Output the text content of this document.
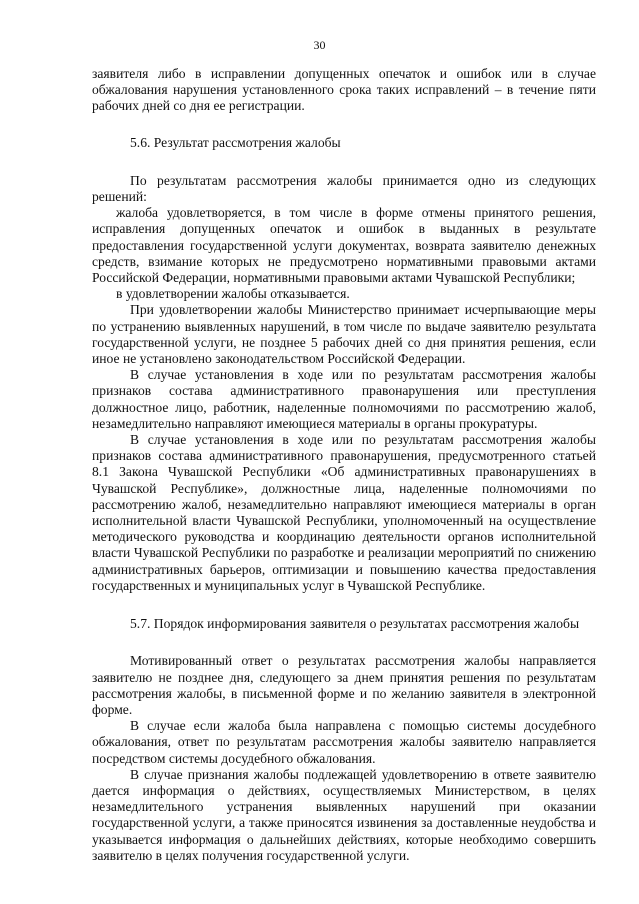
30

заявителя либо в исправлении допущенных опечаток и ошибок или в случае обжалования нарушения установленного срока таких исправлений – в течение пяти рабочих дней со дня ее регистрации.

5.6. Результат рассмотрения жалобы

По результатам рассмотрения жалобы принимается одно из следующих решений:

жалоба удовлетворяется, в том числе в форме отмены принятого решения, исправления допущенных опечаток и ошибок в выданных в результате предоставления государственной услуги документах, возврата заявителю денежных средств, взимание которых не предусмотрено нормативными правовыми актами Российской Федерации, нормативными правовыми актами Чувашской Республики;

в удовлетворении жалобы отказывается.

При удовлетворении жалобы Министерство принимает исчерпывающие меры по устранению выявленных нарушений, в том числе по выдаче заявителю результата государственной услуги, не позднее 5 рабочих дней со дня принятия решения, если иное не установлено законодательством Российской Федерации.

В случае установления в ходе или по результатам рассмотрения жалобы признаков состава административного правонарушения или преступления должностное лицо, работник, наделенные полномочиями по рассмотрению жалоб, незамедлительно направляют имеющиеся материалы в органы прокуратуры.

В случае установления в ходе или по результатам рассмотрения жалобы признаков состава административного правонарушения, предусмотренного статьей 8.1 Закона Чувашской Республики «Об административных правонарушениях в Чувашской Республике», должностные лица, наделенные полномочиями по рассмотрению жалоб, незамедлительно направляют имеющиеся материалы в орган исполнительной власти Чувашской Республики, уполномоченный на осуществление методического руководства и координацию деятельности органов исполнительной власти Чувашской Республики по разработке и реализации мероприятий по снижению административных барьеров, оптимизации и повышению качества предоставления государственных и муниципальных услуг в Чувашской Республике.

5.7. Порядок информирования заявителя о результатах рассмотрения жалобы

Мотивированный ответ о результатах рассмотрения жалобы направляется заявителю не позднее дня, следующего за днем принятия решения по результатам рассмотрения жалобы, в письменной форме и по желанию заявителя в электронной форме.

В случае если жалоба была направлена с помощью системы досудебного обжалования, ответ по результатам рассмотрения жалобы заявителю направляется посредством системы досудебного обжалования.

В случае признания жалобы подлежащей удовлетворению в ответе заявителю дается информация о действиях, осуществляемых Министерством, в целях незамедлительного устранения выявленных нарушений при оказании государственной услуги, а также приносятся извинения за доставленные неудобства и указывается информация о дальнейших действиях, которые необходимо совершить заявителю в целях получения государственной услуги.
